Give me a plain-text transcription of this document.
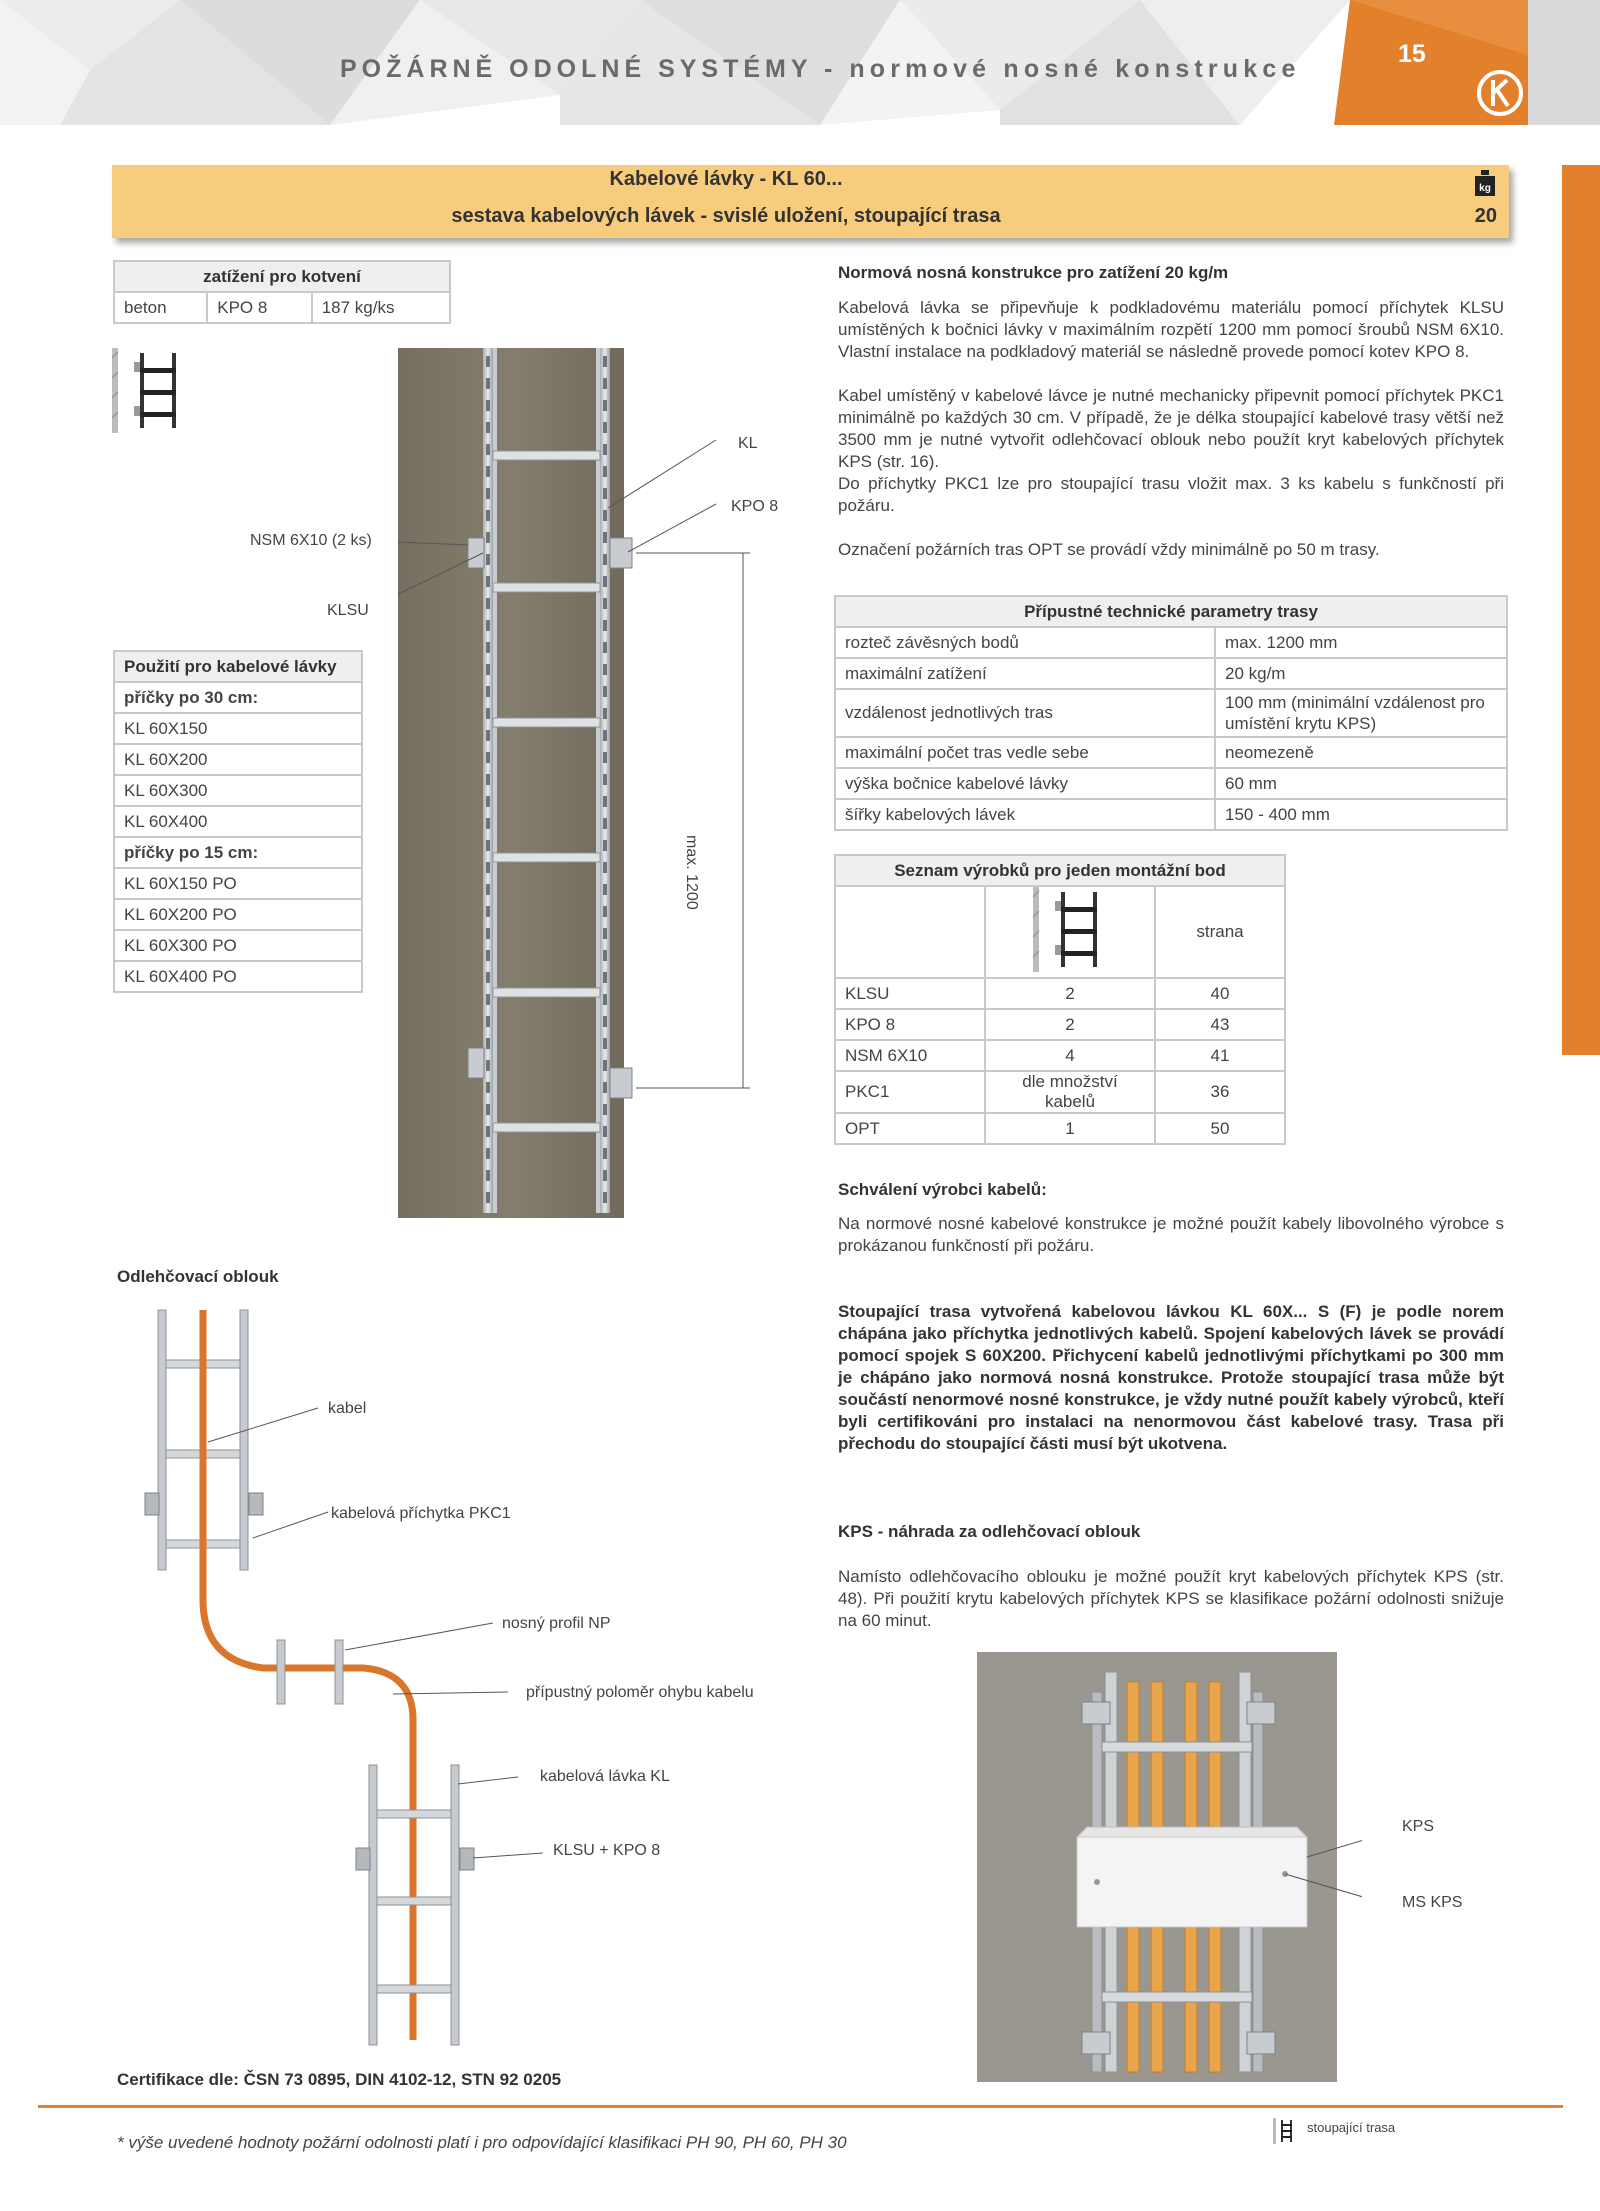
POŽÁRNĚ ODOLNÉ SYSTÉMY - normové nosné konstrukce
15
Kabelové lávky - KL 60...
sestava kabelových lávek - svislé uložení, stoupající trasa
kg
20
zatížení pro kotvení
beton	KPO 8	187 kg/ks
Použití pro kabelové lávky
příčky po 30 cm:
KL 60X150
KL 60X200
KL 60X300
KL 60X400
příčky po 15 cm:
KL 60X150 PO
KL 60X200 PO
KL 60X300 PO
KL 60X400 PO
KL
KPO 8
NSM 6X10 (2 ks)
KLSU
max. 1200
Normová nosná konstrukce pro zatížení 20 kg/m
Kabelová lávka se připevňuje k podkladovému materiálu pomocí příchytek KLSU umístěných k bočnici lávky v maximálním rozpětí 1200 mm pomocí šroubů NSM 6X10. Vlastní instalace na podkladový materiál se následně provede pomocí kotev KPO 8.
Kabel umístěný v kabelové lávce je nutné mechanicky připevnit pomocí příchytek PKC1 minimálně po každých 30 cm. V případě, že je délka stoupající kabelové trasy větší než 3500 mm je nutné vytvořit odlehčovací oblouk nebo použít kryt kabelových příchytek KPS (str. 16).
Do příchytky PKC1 lze pro stoupající trasu vložit max. 3 ks kabelu s funkčností při požáru.
Označení požárních tras OPT se provádí vždy minimálně po 50 m trasy.
Přípustné technické parametry trasy	
rozteč závěsných bodů	max. 1200 mm
maximální zatížení	20 kg/m
vzdálenost jednotlivých tras	100 mm (minimální vzdálenost pro umístění krytu KPS)
maximální počet tras vedle sebe	neomezeně
výška bočnice kabelové lávky	60 mm
šířky kabelových lávek	150 - 400 mm
Seznam výrobků pro jeden montážní bod		
		strana
KLSU	2	40
KPO 8	2	43
NSM 6X10	4	41
PKC1	dle množství kabelů	36
OPT	1	50
Schválení výrobci kabelů:
Na normové nosné kabelové konstrukce je možné použít kabely libovolného výrobce s prokázanou funkčností při požáru.
Stoupající trasa vytvořená kabelovou lávkou KL 60X... S (F) je podle norem chápána jako příchytka jednotlivých kabelů. Spojení kabelových lávek se provádí pomocí spojek S 60X200. Přichycení kabelů jednotlivými příchytkami po 300 mm je chápáno jako normová nosná konstrukce. Protože stoupající trasa může být součástí nenormové nosné konstrukce, je vždy nutné použít kabely výrobců, kteří byli certifikováni pro instalaci na nenormovou část kabelové trasy. Trasa při přechodu do stoupající části musí být ukotvena.
KPS - náhrada za odlehčovací oblouk
Namísto odlehčovacího oblouku je možné použít kryt kabelových příchytek KPS (str. 48). Při použití krytu kabelových příchytek KPS se klasifikace požární odolnosti snižuje na 60 minut.
KPS
MS KPS
Odlehčovací oblouk
kabel
kabelová příchytka PKC1
nosný profil NP
přípustný poloměr ohybu kabelu
kabelová lávka KL
KLSU + KPO 8
Certifikace dle: ČSN 73 0895, DIN 4102-12, STN 92 0205
* výše uvedené hodnoty požární odolnosti platí i pro odpovídající klasifikaci PH 90, PH 60, PH 30
stoupající trasa
